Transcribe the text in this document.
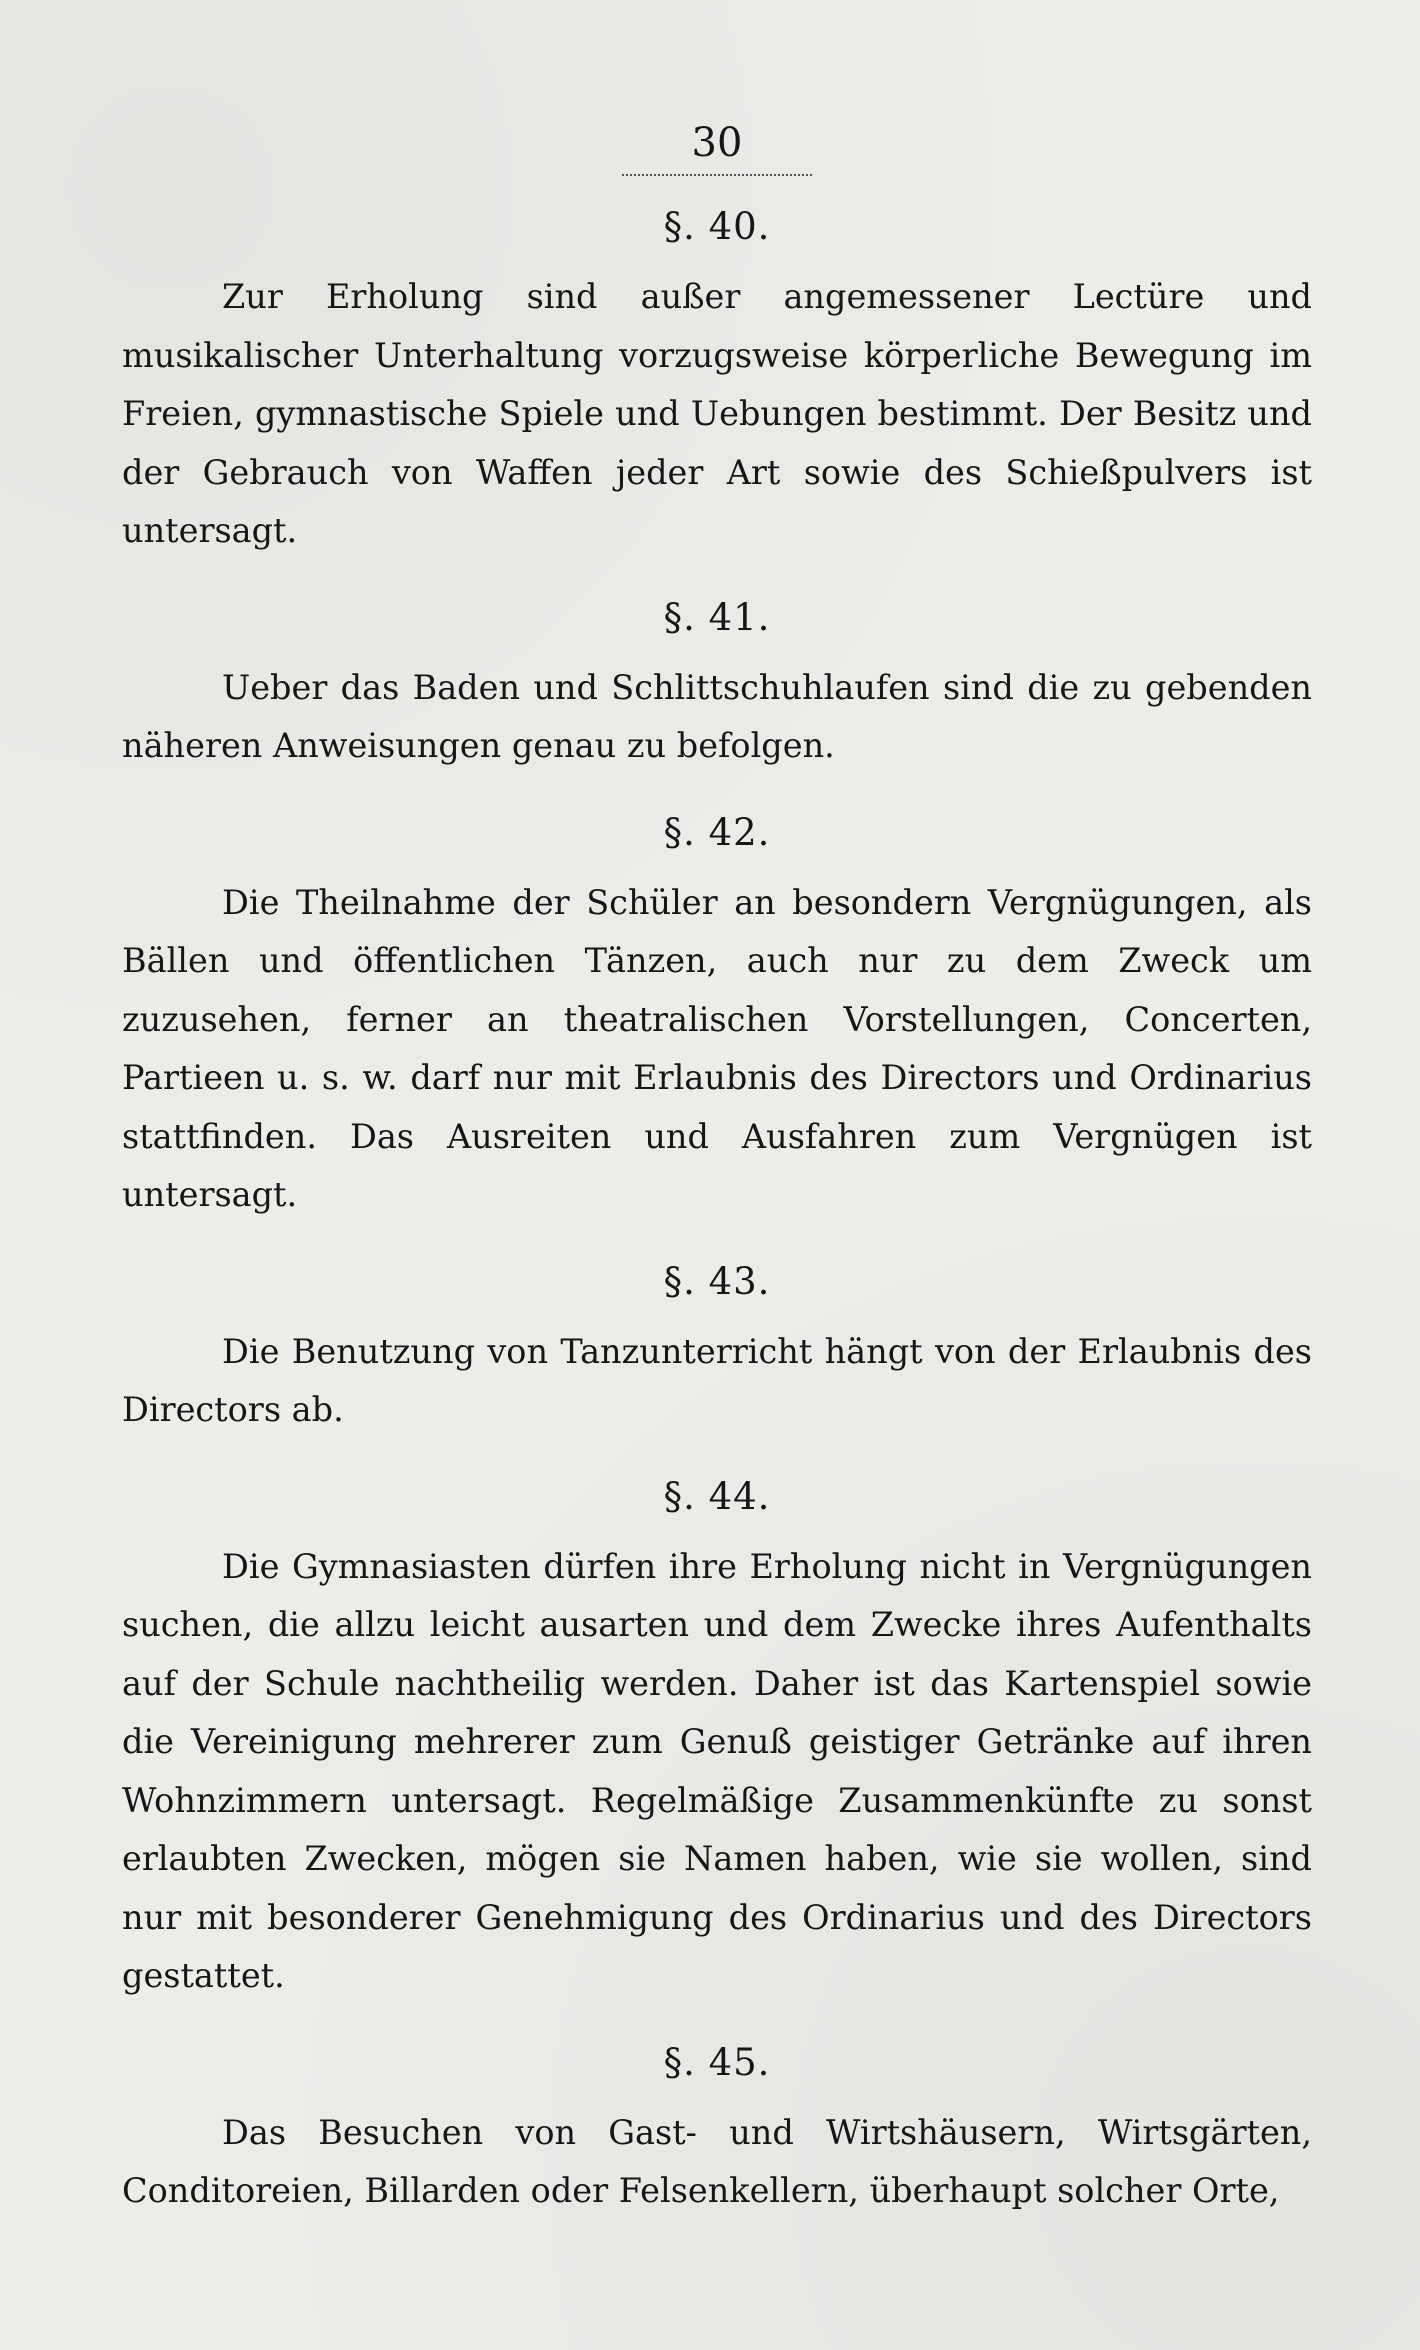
30
§. 40.

Zur Erholung sind außer angemessener Lectüre und musikalischer Unterhaltung vorzugsweise körperliche Bewegung im Freien, gymnastische Spiele und Uebungen bestimmt. Der Besitz und der Gebrauch von Waffen jeder Art sowie des Schießpulvers ist untersagt.

§. 41.

Ueber das Baden und Schlittschuhlaufen sind die zu gebenden näheren Anweisungen genau zu befolgen.

§. 42.

Die Theilnahme der Schüler an besondern Vergnügungen, als Bällen und öffentlichen Tänzen, auch nur zu dem Zweck um zuzusehen, ferner an theatralischen Vorstellungen, Concerten, Partieen u. s. w. darf nur mit Erlaubnis des Directors und Ordinarius stattfinden. Das Ausreiten und Ausfahren zum Vergnügen ist untersagt.

§. 43.

Die Benutzung von Tanzunterricht hängt von der Erlaubnis des Directors ab.

§. 44.

Die Gymnasiasten dürfen ihre Erholung nicht in Vergnügungen suchen, die allzu leicht ausarten und dem Zwecke ihres Aufenthalts auf der Schule nachtheilig werden. Daher ist das Kartenspiel sowie die Vereinigung mehrerer zum Genuß geistiger Getränke auf ihren Wohnzimmern untersagt. Regelmäßige Zusammenkünfte zu sonst erlaubten Zwecken, mögen sie Namen haben, wie sie wollen, sind nur mit besonderer Genehmigung des Ordinarius und des Directors gestattet.

§. 45.

Das Besuchen von Gast- und Wirtshäusern, Wirtsgärten, Conditoreien, Billarden oder Felsenkellern, überhaupt solcher Orte,
